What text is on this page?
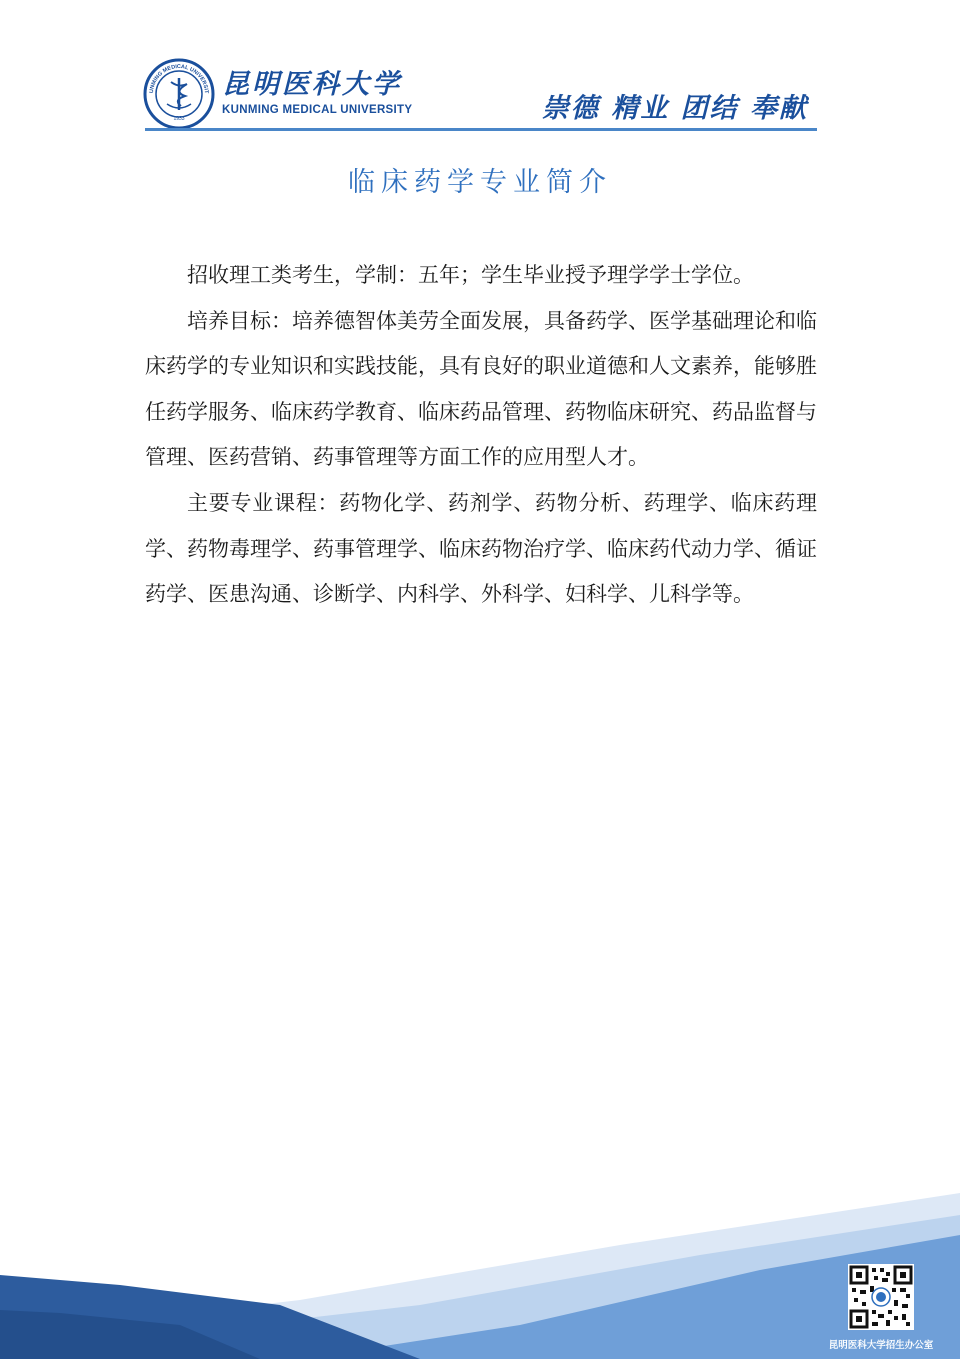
1933
UNMING MEDICAL UNIVERSIT 昆明医科大学
KUNMING MEDICAL UNIVERSITY	崇德 精业 团结 奉献
临床药学专业简介

招收理工类考生，学制：五年；学生毕业授予理学学士学位。

培养目标：培养德智体美劳全面发展，具备药学、医学基础理论和临床药学的专业知识和实践技能，具有良好的职业道德和人文素养，能够胜任药学服务、临床药学教育、临床药品管理、药物临床研究、药品监督与管理、医药营销、药事管理等方面工作的应用型人才。

主要专业课程：药物化学、药剂学、药物分析、药理学、临床药理学、药物毒理学、药事管理学、临床药物治疗学、临床药代动力学、循证药学、医患沟通、诊断学、内科学、外科学、妇科学、儿科学等。

昆明医科大学招生办公室
